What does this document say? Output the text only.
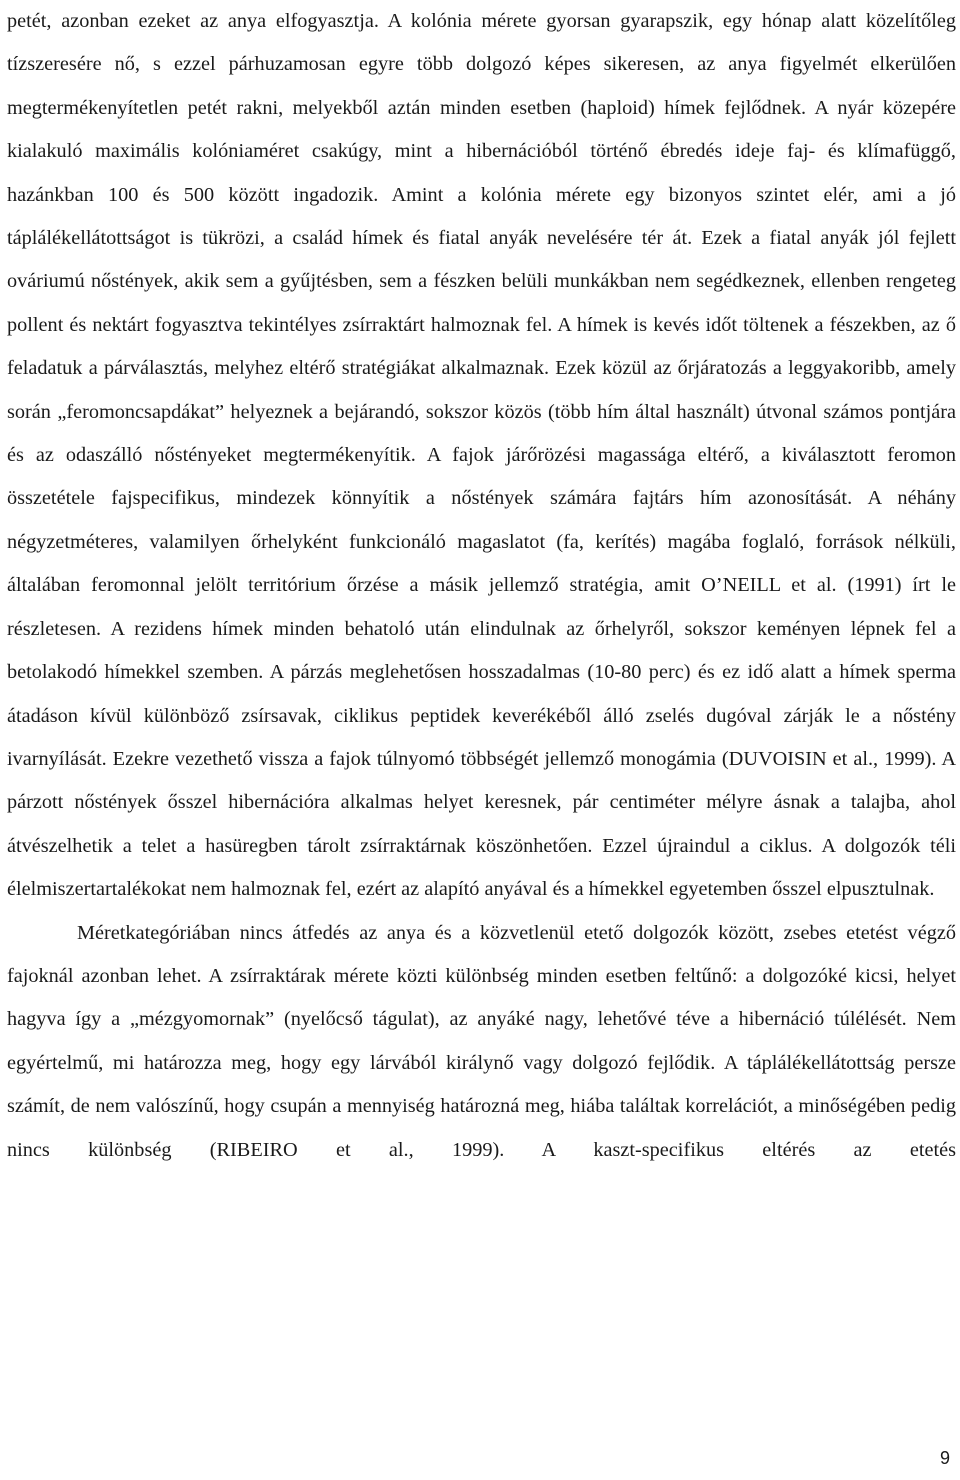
petét, azonban ezeket az anya elfogyasztja. A kolónia mérete gyorsan gyarapszik, egy hónap alatt közelítőleg tízszeresére nő, s ezzel párhuzamosan egyre több dolgozó képes sikeresen, az anya figyelmét elkerülően megtermékenyítetlen petét rakni, melyekből aztán minden esetben (haploid) hímek fejlődnek. A nyár közepére kialakuló maximális kolóniaméret csakúgy, mint a hibernációból történő ébredés ideje faj- és klímafüggő, hazánkban 100 és 500 között ingadozik. Amint a kolónia mérete egy bizonyos szintet elér, ami a jó táplálékellátottságot is tükrözi, a család hímek és fiatal anyák nevelésére tér át. Ezek a fiatal anyák jól fejlett ováriumú nőstények, akik sem a gyűjtésben, sem a fészken belüli munkákban nem segédkeznek, ellenben rengeteg pollent és nektárt fogyasztva tekintélyes zsírraktárt halmoznak fel. A hímek is kevés időt töltenek a fészekben, az ő feladatuk a párválasztás, melyhez eltérő stratégiákat alkalmaznak. Ezek közül az őrjáratozás a leggyakoribb, amely során „feromoncsapdákat” helyeznek a bejárandó, sokszor közös (több hím által használt) útvonal számos pontjára és az odaszálló nőstényeket megtermékenyítik. A fajok járőrözési magassága eltérő, a kiválasztott feromon összetétele fajspecifikus, mindezek könnyítik a nőstények számára fajtárs hím azonosítását. A néhány négyzetméteres, valamilyen őrhelyként funkcionáló magaslatot (fa, kerítés) magába foglaló, források nélküli, általában feromonnal jelölt territórium őrzése a másik jellemző stratégia, amit O’NEILL et al. (1991) írt le részletesen. A rezidens hímek minden behatoló után elindulnak az őrhelyről, sokszor keményen lépnek fel a betolakodó hímekkel szemben. A párzás meglehetősen hosszadalmas (10-80 perc) és ez idő alatt a hímek sperma átadáson kívül különböző zsírsavak, ciklikus peptidek keverékéből álló zselés dugóval zárják le a nőstény ivarnyílását. Ezekre vezethető vissza a fajok túlnyomó többségét jellemző monogámia (DUVOISIN et al., 1999). A párzott nőstények ősszel hibernációra alkalmas helyet keresnek, pár centiméter mélyre ásnak a talajba, ahol átvészelhetik a telet a hasüregben tárolt zsírraktárnak köszönhetően. Ezzel újraindul a ciklus. A dolgozók téli élelmiszertartalékokat nem halmoznak fel, ezért az alapító anyával és a hímekkel egyetemben ősszel elpusztulnak.

Méretkategóriában nincs átfedés az anya és a közvetlenül etető dolgozók között, zsebes etetést végző fajoknál azonban lehet. A zsírraktárak mérete közti különbség minden esetben feltűnő: a dolgozóké kicsi, helyet hagyva így a „mézgyomornak” (nyelőcső tágulat), az anyáké nagy, lehetővé téve a hibernáció túlélését. Nem egyértelmű, mi határozza meg, hogy egy lárvából királynő vagy dolgozó fejlődik. A táplálékellátottság persze számít, de nem valószínű, hogy csupán a mennyiség határozná meg, hiába találtak korrelációt, a minőségében pedig nincs különbség (RIBEIRO et al., 1999). A kaszt-specifikus eltérés az etetés

9
